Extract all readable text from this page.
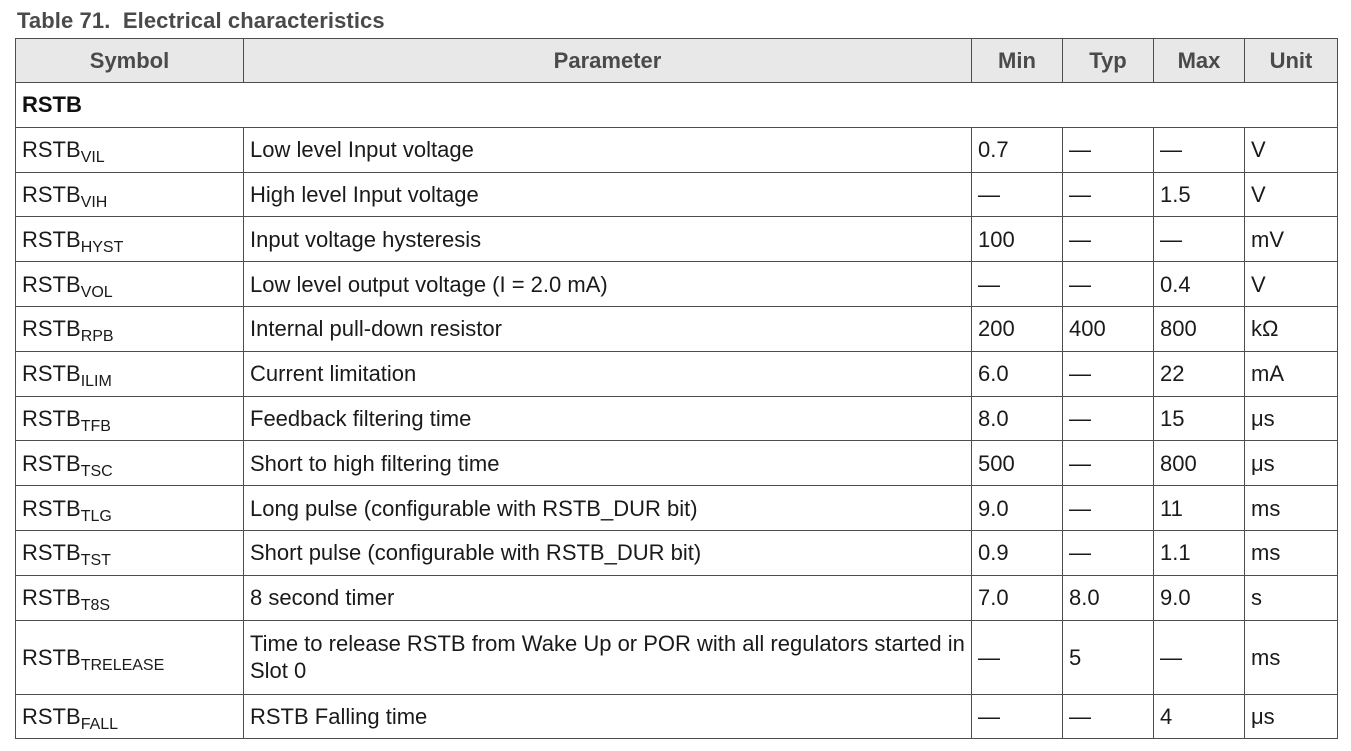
Table 71.  Electrical characteristics
Symbol	Parameter	Min	Typ	Max	Unit
RSTB					
$RSTB_{VIL}$	Low level Input voltage	0.7	—	—	V
$RSTB_{VIH}$	High level Input voltage	—	—	1.5	V
$RSTB_{HYST}$	Input voltage hysteresis	100	—	—	mV
$RSTB_{VOL}$	Low level output voltage (I = 2.0 mA)	—	—	0.4	V
$RSTB_{RPB}$	Internal pull-down resistor	200	400	800	kΩ
$RSTB_{ILIM}$	Current limitation	6.0	—	22	mA
$RSTB_{TFB}$	Feedback filtering time	8.0	—	15	μs
$RSTB_{TSC}$	Short to high filtering time	500	—	800	μs
$RSTB_{TLG}$	Long pulse (configurable with RSTB_DUR bit)	9.0	—	11	ms
$RSTB_{TST}$	Short pulse (configurable with RSTB_DUR bit)	0.9	—	1.1	ms
$RSTB_{T8S}$	8 second timer	7.0	8.0	9.0	s
$RSTB_{TRELEASE}$	Time to release RSTB from Wake Up or POR with all regulators started in Slot 0	—	5	—	ms
$RSTB_{FALL}$	RSTB Falling time	—	—	4	μs
